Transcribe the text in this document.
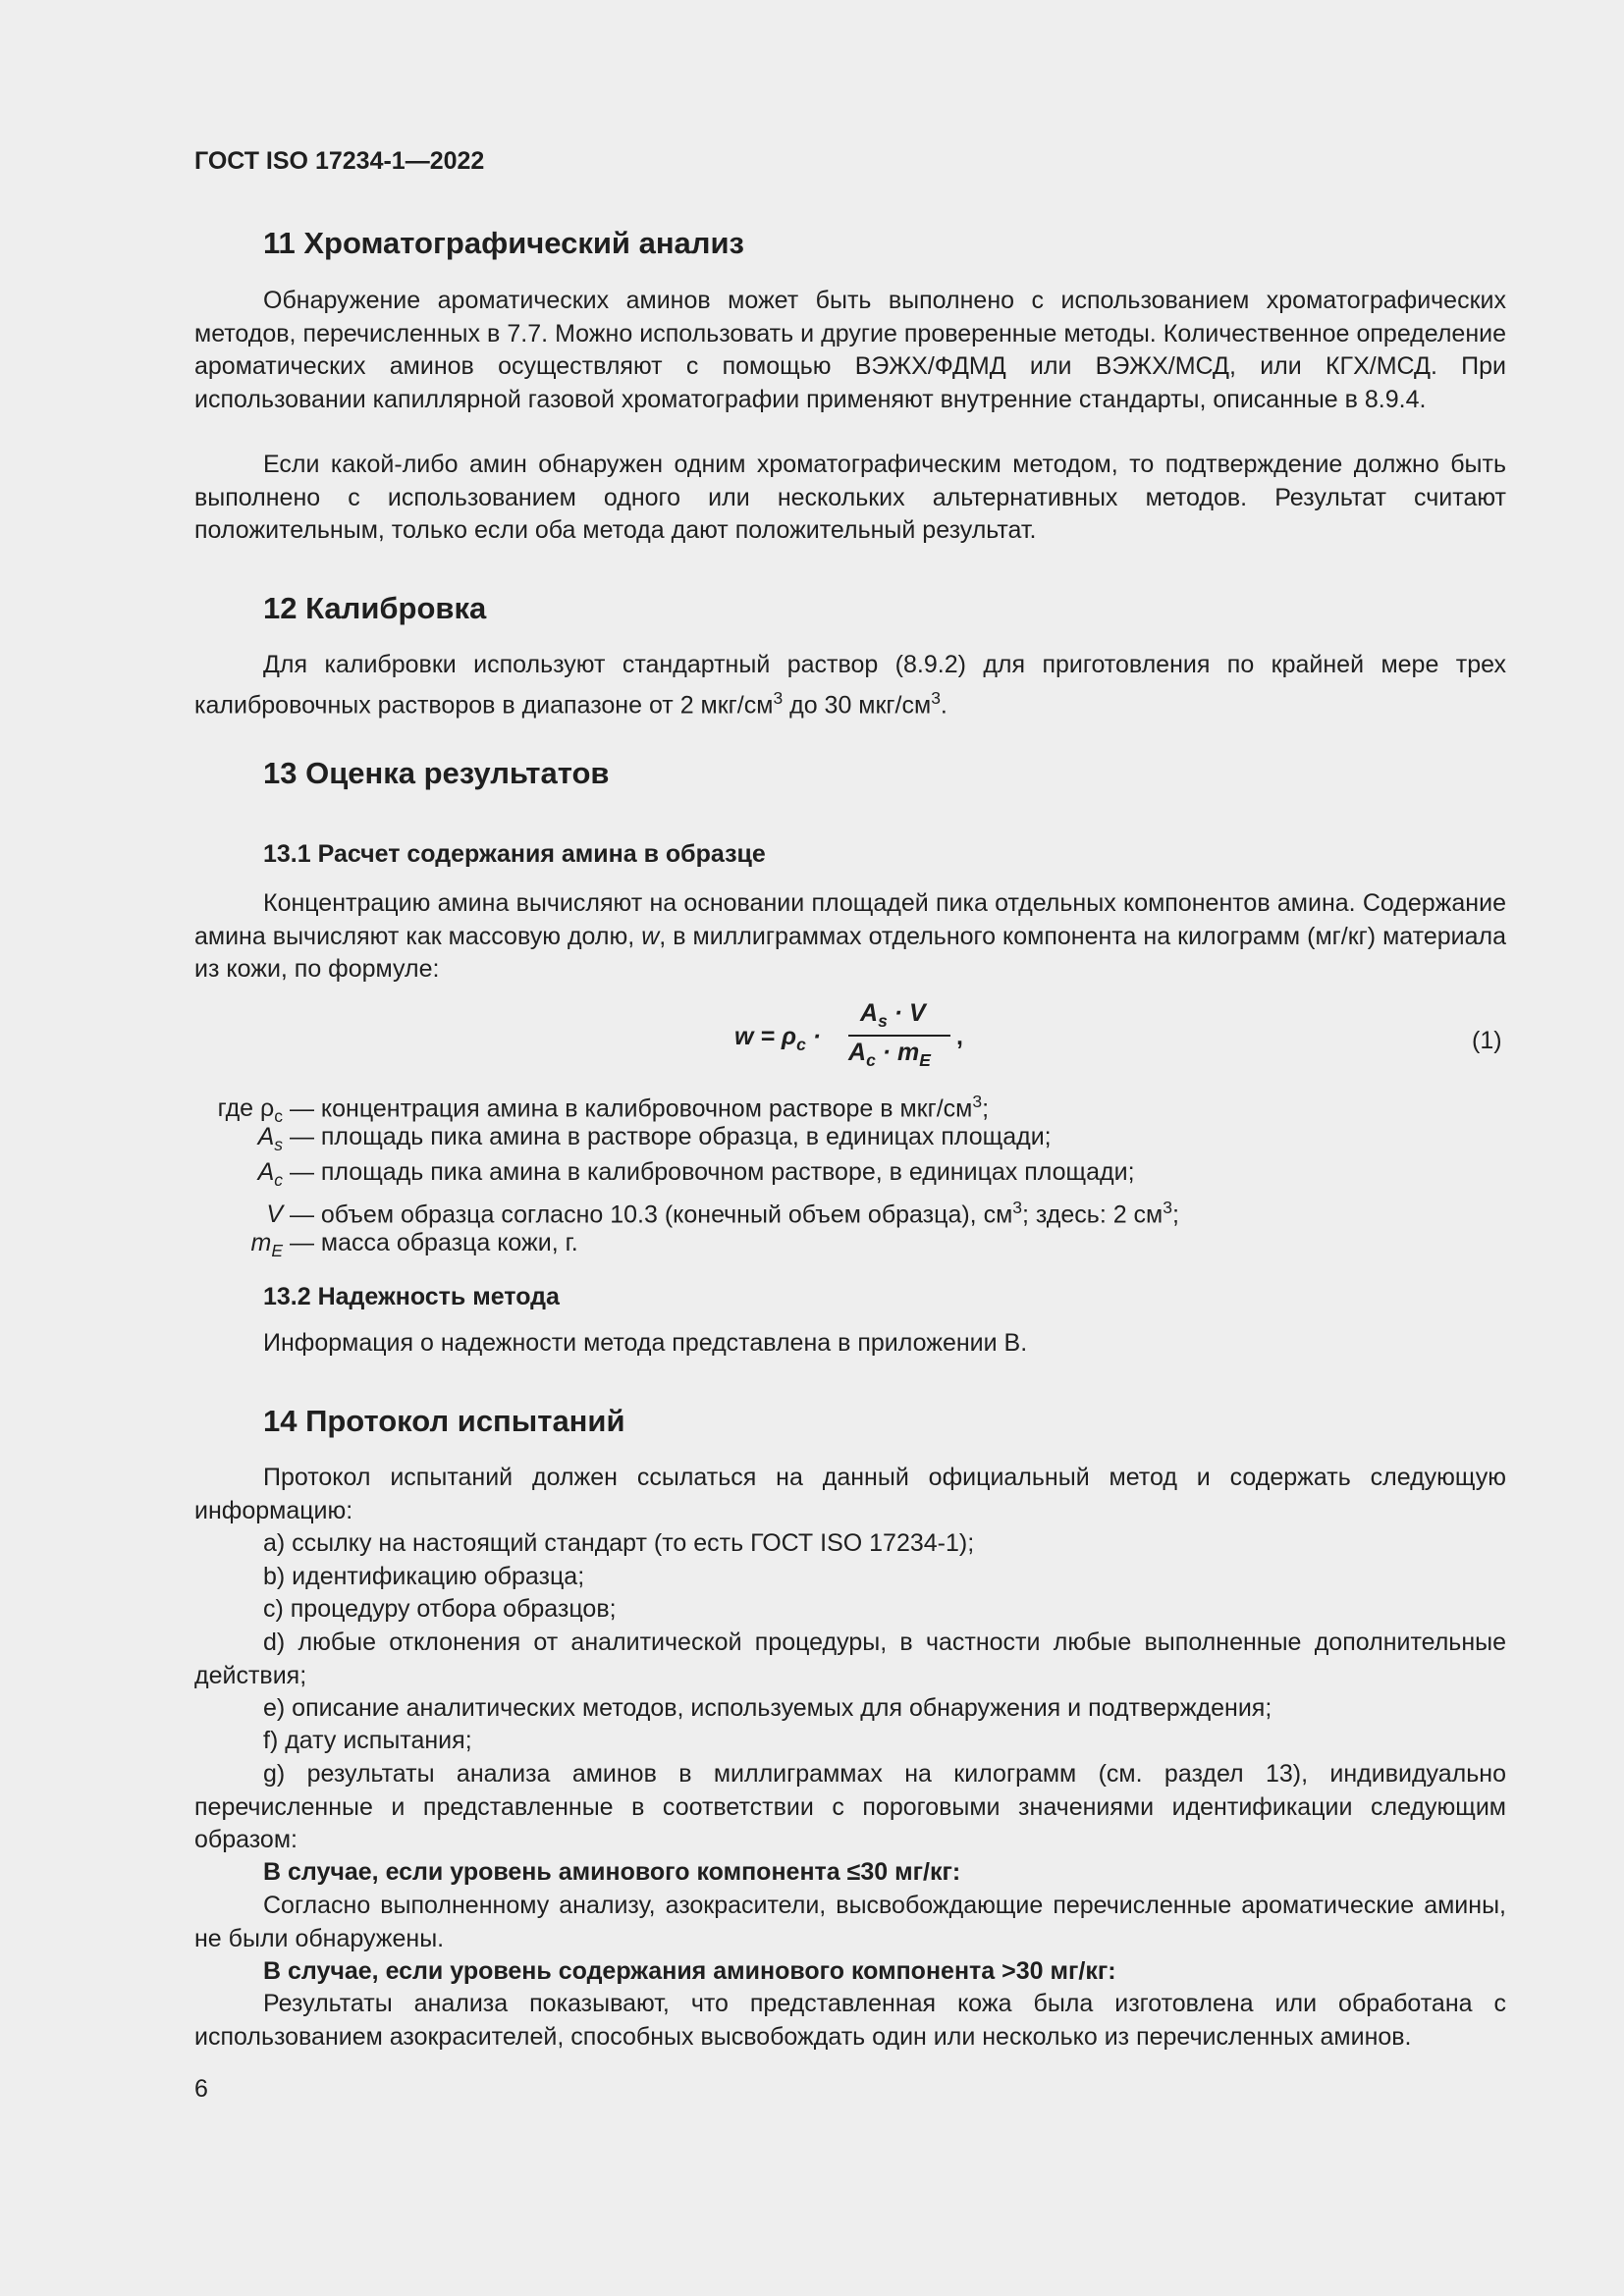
ГОСТ ISO 17234-1—2022
11 Хроматографический анализ

Обнаружение ароматических аминов может быть выполнено с использованием хроматографических методов, перечисленных в 7.7. Можно использовать и другие проверенные методы. Количественное определение ароматических аминов осуществляют с помощью ВЭЖХ/ФДМД или ВЭЖХ/МСД, или КГХ/МСД. При использовании капиллярной газовой хроматографии применяют внутренние стандарты, описанные в 8.9.4.

Если какой-либо амин обнаружен одним хроматографическим методом, то подтверждение должно быть выполнено с использованием одного или нескольких альтернативных методов. Результат считают положительным, только если оба метода дают положительный результат.

12 Калибровка

Для калибровки используют стандартный раствор (8.9.2) для приготовления по крайней мере трех калибровочных растворов в диапазоне от 2 мкг/$см^3$ до 30 мкг/$см^3$.

13 Оценка результатов
13.1 Расчет содержания амина в образце

Концентрацию амина вычисляют на основании площадей пика отдельных компонентов амина. Содержание амина вычисляют как массовую долю, w, в миллиграммах отдельного компонента на килограмм (мг/кг) материала из кожи, по формуле:

$w = \rho_c$ ·
$A_s \cdot V$
$A_c \cdot m_E$
,	(1)

где $\rho_c$ — концентрация амина в калибровочном растворе в мкг/$см^3$;

$A_s$ — площадь пика амина в растворе образца, в единицах площади;

$A_c$ — площадь пика амина в калибровочном растворе, в единицах площади;

V — объем образца согласно 10.3 (конечный объем образца), $см^3$; здесь: 2 $см^3$;

$m_E$ — масса образца кожи, г.

13.2 Надежность метода

Информация о надежности метода представлена в приложении В.

14 Протокол испытаний

Протокол испытаний должен ссылаться на данный официальный метод и содержать следующую информацию:

a) ссылку на настоящий стандарт (то есть ГОСТ ISO 17234-1);

b) идентификацию образца;

c) процедуру отбора образцов;

d) любые отклонения от аналитической процедуры, в частности любые выполненные дополнительные действия;

e) описание аналитических методов, используемых для обнаружения и подтверждения;

f) дату испытания;

g) результаты анализа аминов в миллиграммах на килограмм (см. раздел 13), индивидуально перечисленные и представленные в соответствии с пороговыми значениями идентификации следующим образом:

В случае, если уровень аминового компонента ≤30 мг/кг:

Согласно выполненному анализу, азокрасители, высвобождающие перечисленные ароматические амины, не были обнаружены.

В случае, если уровень содержания аминового компонента >30 мг/кг:

Результаты анализа показывают, что представленная кожа была изготовлена или обработана с использованием азокрасителей, способных высвобождать один или несколько из перечисленных аминов.

6
